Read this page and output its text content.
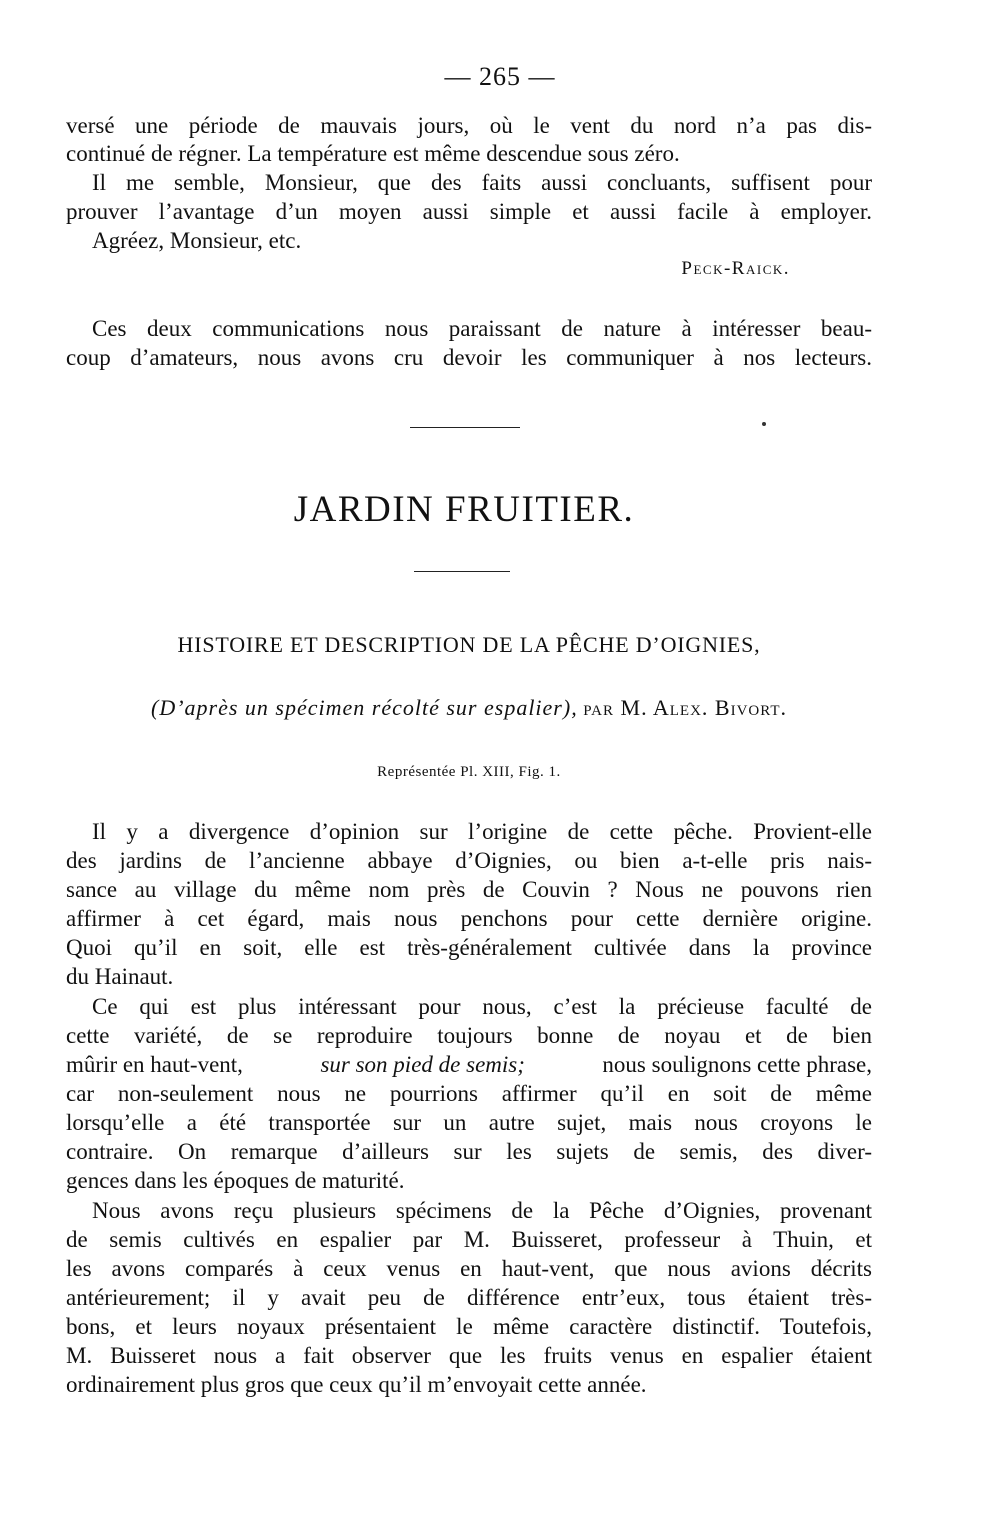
— 265 —
versé une période de mauvais jours, où le vent du nord n’a pas dis-
continué de régner. La température est même descendue sous zéro.
Il me semble, Monsieur, que des faits aussi concluants, suffisent pour
prouver l’avantage d’un moyen aussi simple et aussi facile à employer.
Agréez, Monsieur, etc.
Peck-Raick.
Ces deux communications nous paraissant de nature à intéresser beau-
coup d’amateurs, nous avons cru devoir les communiquer à nos lecteurs.
JARDIN FRUITIER.
HISTOIRE ET DESCRIPTION DE LA PÊCHE D’OIGNIES,
(D’après un spécimen récolté sur espalier), par M. Alex. Bivort.
Représentée Pl. XIII, Fig. 1.
Il y a divergence d’opinion sur l’origine de cette pêche. Provient-elle
des jardins de l’ancienne abbaye d’Oignies, ou bien a-t-elle pris nais-
sance au village du même nom près de Couvin ? Nous ne pouvons rien
affirmer à cet égard, mais nous penchons pour cette dernière origine.
Quoi qu’il en soit, elle est très-généralement cultivée dans la province
du Hainaut.
Ce qui est plus intéressant pour nous, c’est la précieuse faculté de
cette variété, de se reproduire toujours bonne de noyau et de bien
mûrir en haut-vent,	sur son pied de semis;	nous soulignons cette phrase,
car non-seulement nous ne pourrions affirmer qu’il en soit de même
lorsqu’elle a été transportée sur un autre sujet, mais nous croyons le
contraire. On remarque d’ailleurs sur les sujets de semis, des diver-
gences dans les époques de maturité.
Nous avons reçu plusieurs spécimens de la Pêche d’Oignies, provenant
de semis cultivés en espalier par M. Buisseret, professeur à Thuin, et
les avons comparés à ceux venus en haut-vent, que nous avions décrits
antérieurement; il y avait peu de différence entr’eux, tous étaient très-
bons, et leurs noyaux présentaient le même caractère distinctif. Toutefois,
M. Buisseret nous a fait observer que les fruits venus en espalier étaient
ordinairement plus gros que ceux qu’il m’envoyait cette année.
